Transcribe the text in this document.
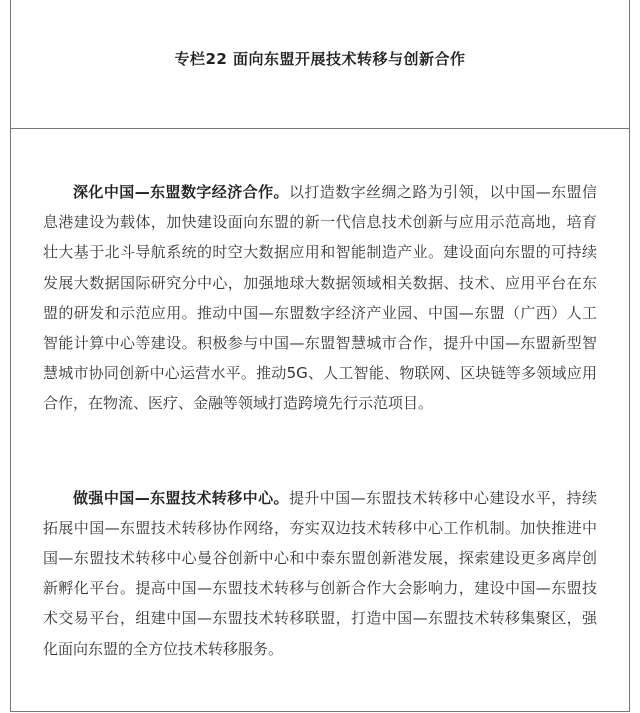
专栏22 面向东盟开展技术转移与创新合作

深化中国—东盟数字经济合作。以打造数字丝绸之路为引领，以中国—东盟信息港建设为载体，加快建设面向东盟的新一代信息技术创新与应用示范高地，培育壮大基于北斗导航系统的时空大数据应用和智能制造产业。建设面向东盟的可持续发展大数据国际研究分中心，加强地球大数据领域相关数据、技术、应用平台在东盟的研发和示范应用。推动中国—东盟数字经济产业园、中国—东盟（广西）人工智能计算中心等建设。积极参与中国—东盟智慧城市合作，提升中国—东盟新型智慧城市协同创新中心运营水平。推动5G、人工智能、物联网、区块链等多领域应用合作，在物流、医疗、金融等领域打造跨境先行示范项目。

做强中国—东盟技术转移中心。提升中国—东盟技术转移中心建设水平，持续拓展中国—东盟技术转移协作网络，夯实双边技术转移中心工作机制。加快推进中国—东盟技术转移中心曼谷创新中心和中泰东盟创新港发展，探索建设更多离岸创新孵化平台。提高中国—东盟技术转移与创新合作大会影响力，建设中国—东盟技术交易平台，组建中国—东盟技术转移联盟，打造中国—东盟技术转移集聚区，强化面向东盟的全方位技术转移服务。
